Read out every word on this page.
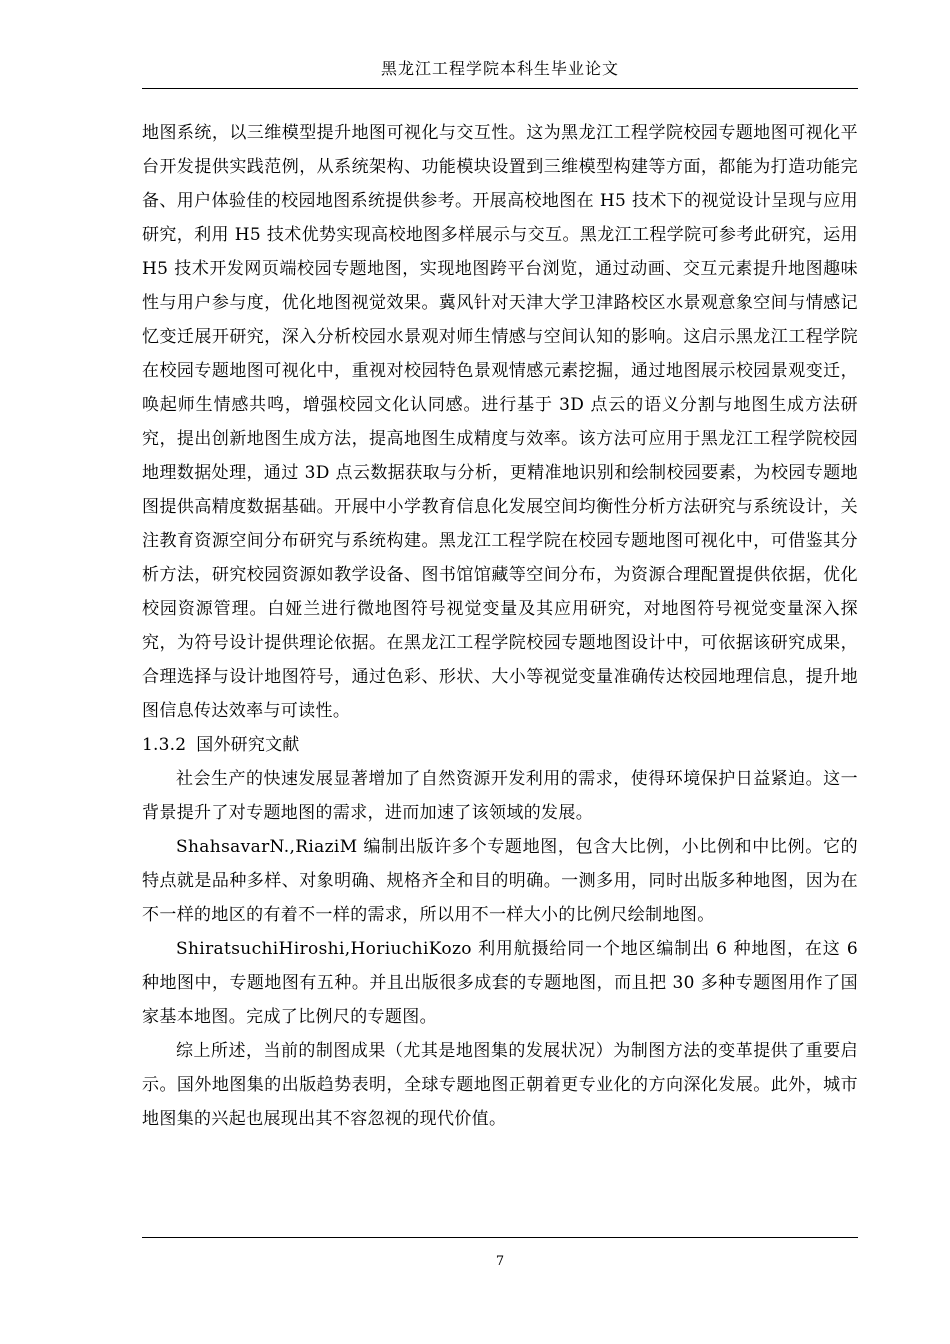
黑龙江工程学院本科生毕业论文

地图系统，以三维模型提升地图可视化与交互性。这为黑龙江工程学院校园专题地图可视化平台开发提供实践范例，从系统架构、功能模块设置到三维模型构建等方面，都能为打造功能完备、用户体验佳的校园地图系统提供参考。开展高校地图在 H5 技术下的视觉设计呈现与应用研究，利用 H5 技术优势实现高校地图多样展示与交互。黑龙江工程学院可参考此研究，运用 H5 技术开发网页端校园专题地图，实现地图跨平台浏览，通过动画、交互元素提升地图趣味性与用户参与度，优化地图视觉效果。冀风针对天津大学卫津路校区水景观意象空间与情感记忆变迁展开研究，深入分析校园水景观对师生情感与空间认知的影响。这启示黑龙江工程学院在校园专题地图可视化中，重视对校园特色景观情感元素挖掘，通过地图展示校园景观变迁，唤起师生情感共鸣，增强校园文化认同感。进行基于 3D 点云的语义分割与地图生成方法研究，提出创新地图生成方法，提高地图生成精度与效率。该方法可应用于黑龙江工程学院校园地理数据处理，通过 3D 点云数据获取与分析，更精准地识别和绘制校园要素，为校园专题地图提供高精度数据基础。开展中小学教育信息化发展空间均衡性分析方法研究与系统设计，关注教育资源空间分布研究与系统构建。黑龙江工程学院在校园专题地图可视化中，可借鉴其分析方法，研究校园资源如教学设备、图书馆馆藏等空间分布，为资源合理配置提供依据，优化校园资源管理。白娅兰进行微地图符号视觉变量及其应用研究，对地图符号视觉变量深入探究，为符号设计提供理论依据。在黑龙江工程学院校园专题地图设计中，可依据该研究成果，合理选择与设计地图符号，通过色彩、形状、大小等视觉变量准确传达校园地理信息，提升地图信息传达效率与可读性。

1.3.2 国外研究文献

社会生产的快速发展显著增加了自然资源开发利用的需求，使得环境保护日益紧迫。这一背景提升了对专题地图的需求，进而加速了该领域的发展。

ShahsavarN.,RiaziM 编制出版许多个专题地图，包含大比例，小比例和中比例。它的特点就是品种多样、对象明确、规格齐全和目的明确。一测多用，同时出版多种地图，因为在不一样的地区的有着不一样的需求，所以用不一样大小的比例尺绘制地图。

ShiratsuchiHiroshi,HoriuchiKozo 利用航摄给同一个地区编制出 6 种地图，在这 6 种地图中，专题地图有五种。并且出版很多成套的专题地图，而且把 30 多种专题图用作了国家基本地图。完成了比例尺的专题图。

综上所述，当前的制图成果（尤其是地图集的发展状况）为制图方法的变革提供了重要启示。国外地图集的出版趋势表明，全球专题地图正朝着更专业化的方向深化发展。此外，城市地图集的兴起也展现出其不容忽视的现代价值。

7
